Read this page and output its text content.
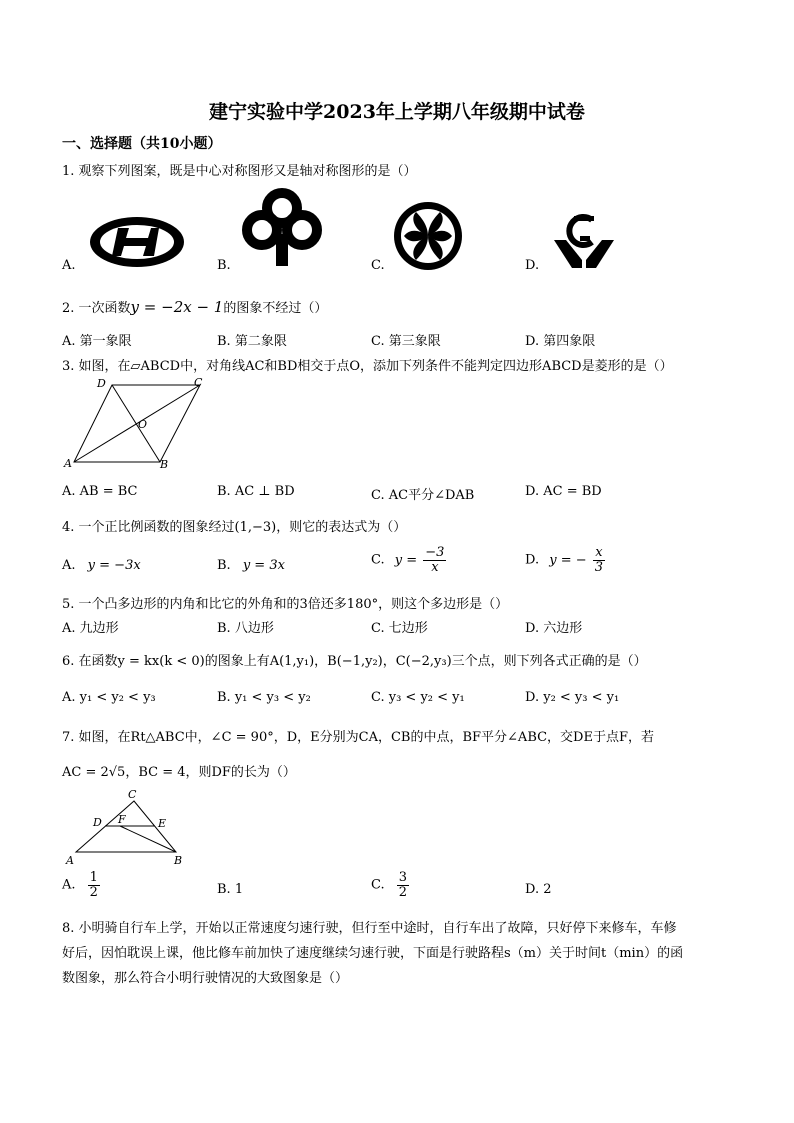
建宁实验中学2023年上学期八年级期中试卷
一、选择题（共10小题）
1. 观察下列图案，既是中心对称图形又是轴对称图形的是（）
A.	B.	C.	D.
2. 一次函数y = −2x − 1的图象不经过（）
A. 第一象限	B. 第二象限	C. 第三象限	D. 第四象限
3. 如图，在▱ABCD中，对角线AC和BD相交于点O，添加下列条件不能判定四边形ABCD是菱形的是（）
A	B
C
D
O
A. AB = BC	B. AC ⊥ BD	C. AC平分∠DAB	D. AC = BD
4. 一个正比例函数的图象经过(1,−3)，则它的表达式为（）
A. y = −3x	B. y = 3x	C. $y = \frac{-3}{x}$	D. y = − $\frac{x}{3}$
5. 一个凸多边形的内角和比它的外角和的3倍还多180°，则这个多边形是（）
A. 九边形	B. 八边形	C. 七边形	D. 六边形
6. 在函数y = kx(k < 0)的图象上有A(1,y₁)，B(−1,y₂)，C(−2,y₃)三个点，则下列各式正确的是（）
A. y₁ < y₂ < y₃	B. y₁ < y₃ < y₂	C. y₃ < y₂ < y₁	D. y₂ < y₃ < y₁
7. 如图，在Rt△ABC中，∠C = 90°，D，E分别为CA，CB的中点，BF平分∠ABC，交DE于点F，若
AC = 2√5，BC = 4，则DF的长为（）
A	B
C
D	E
F
A. $\frac{1}{2}$	B. 1	C. $\frac{3}{2}$	D. 2
8. 小明骑自行车上学，开始以正常速度匀速行驶，但行至中途时，自行车出了故障，只好停下来修车，车修
好后，因怕耽误上课，他比修车前加快了速度继续匀速行驶，下面是行驶路程s（m）关于时间t（min）的函
数图象，那么符合小明行驶情况的大致图象是（）
